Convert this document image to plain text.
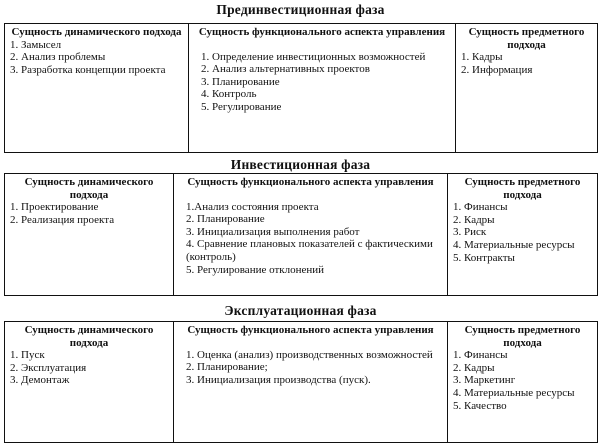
Прединвестиционная фаза
Сущность динамического подхода
1. Замысел
2. Анализ проблемы
3. Разработка концепции проекта
Сущность функционального аспекта управления
1. Определение инвестиционных возможностей
2. Анализ альтернативных проектов
3. Планирование
4. Контроль
5. Регулирование
Сущность предметного подхода
1. Кадры
2. Информация
Инвестиционная фаза
Сущность динамического подхода
1. Проектирование
2. Реализация проекта
Сущность функционального аспекта управления
1.Анализ состояния проекта
2. Планирование
3. Инициализация выполнения работ
4. Сравнение плановых показателей с фактическими (контроль)
5. Регулирование отклонений
Сущность предметного подхода
1. Финансы
2. Кадры
3. Риск
4. Материальные ресурсы
5. Контракты
Эксплуатационная фаза
Сущность динамического подхода
1. Пуск
2. Эксплуатация
3. Демонтаж
Сущность функционального аспекта управления
1. Оценка (анализ) производственных возможностей
2. Планирование;
3. Инициализация производства (пуск).
Сущность предметного подхода
1. Финансы
2. Кадры
3. Маркетинг
4. Материальные ресурсы
5. Качество
